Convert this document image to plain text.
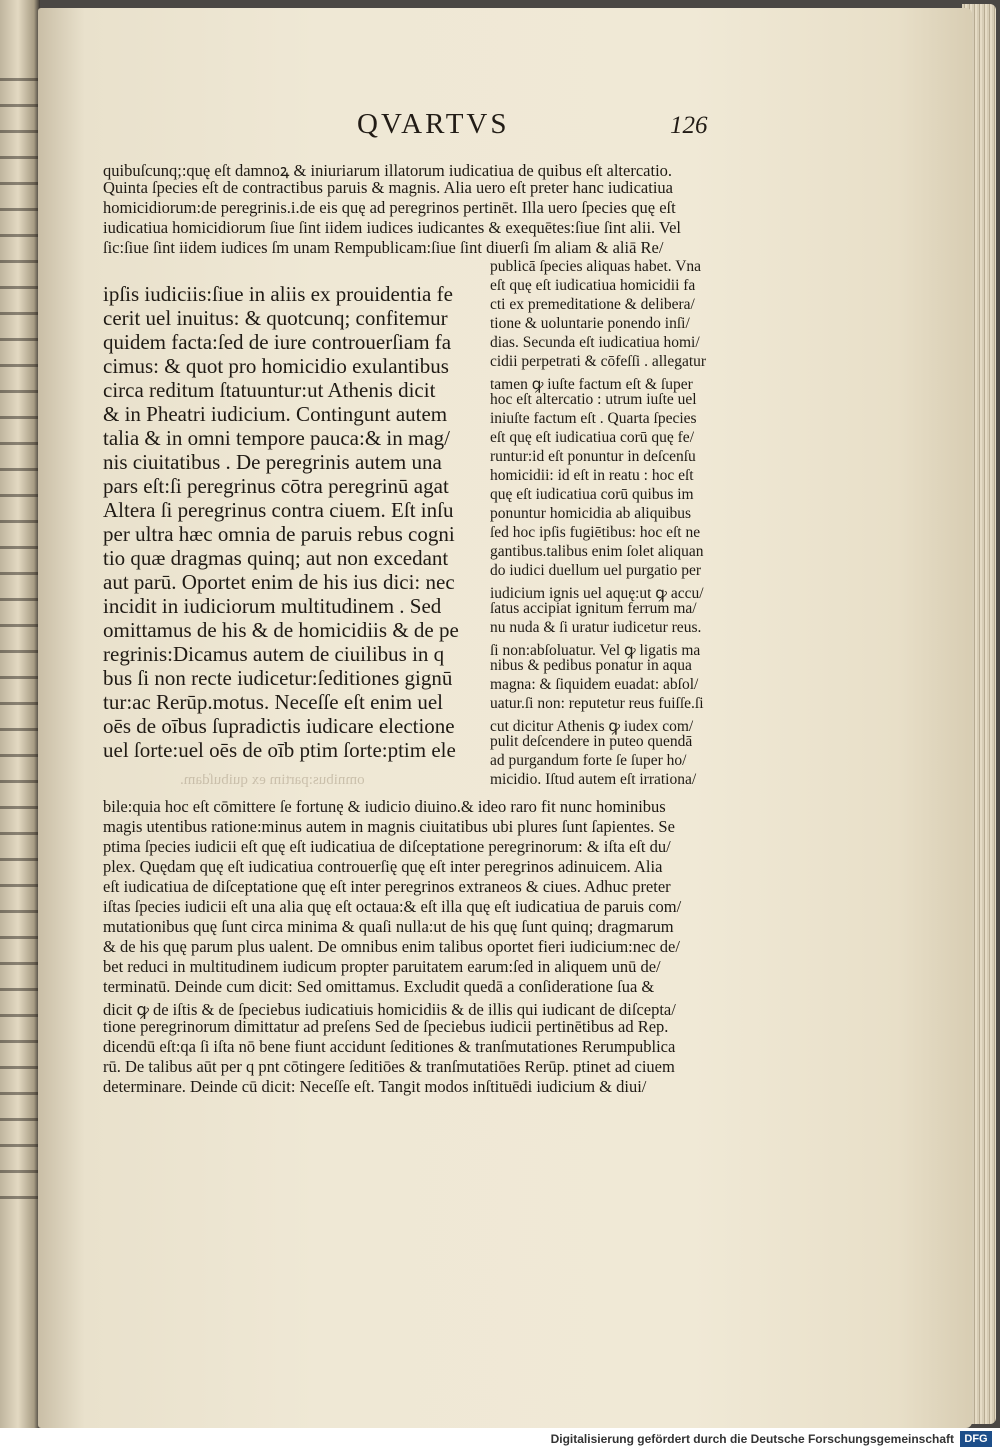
QVARTVS	126
quibuſcunq;:quę eſt damnoꝝ & iniuriarum illatorum iudicatiua de quibus eſt altercatio.
Quinta ſpecies eſt de contractibus paruis & magnis. Alia uero eſt preter hanc iudicatiua
homicidiorum:de peregrinis.i.de eis quę ad peregrinos pertinēt. Illa uero ſpecies quę eſt
iudicatiua homicidiorum ſiue ſint iidem iudices iudicantes & exequētes:ſiue ſint alii. Vel
ſic:ſiue ſint iidem iudices ſm unam Rempublicam:ſiue ſint diuerſi ſm aliam & aliā Re/
ipſis iudiciis:ſiue in aliis ex prouidentia fe
cerit uel inuitus: & quotcunq; confitemur
quidem facta:ſed de iure controuerſiam fa
cimus: & quot pro homicidio exulantibus
circa reditum ſtatuuntur:ut Athenis dicit
& in Pheatri iudicium. Contingunt autem
talia & in omni tempore pauca:& in mag/
nis ciuitatibus . De peregrinis autem una
pars eſt:ſi peregrinus cōtra peregrinū agat
Altera ſi peregrinus contra ciuem. Eſt inſu
per ultra hæc omnia de paruis rebus cogni
tio quæ dragmas quinq; aut non excedant
aut parū. Oportet enim de his ius dici: nec
incidit in iudiciorum multitudinem . Sed
omittamus de his & de homicidiis & de pe
regrinis:Dicamus autem de ciuilibus in q
bus ſi non recte iudicetur:ſeditiones gignū
tur:ac Rerūp.motus. Neceſſe eſt enim uel
oēs de oībus ſupradictis iudicare electione
uel ſorte:uel oēs de oīb ptim ſorte:ptim ele
omnibus:partim ex quibuſdam.
publicā ſpecies aliquas habet. Vna
eſt quę eſt iudicatiua homicidii fa
cti ex premeditatione & delibera/
tione & uoluntarie ponendo inſi/
dias. Secunda eſt iudicatiua homi/
cidii perpetrati & cōfeſſi . allegatur
tamen ꝙ iuſte factum eſt & ſuper
hoc eſt altercatio : utrum iuſte uel
iniuſte factum eſt . Quarta ſpecies
eſt quę eſt iudicatiua corū quę fe/
runtur:id eſt ponuntur in deſcenſu
homicidii: id eſt in reatu : hoc eſt
quę eſt iudicatiua corū quibus im
ponuntur homicidia ab aliquibus
ſed hoc ipſis fugiētibus: hoc eſt ne
gantibus.talibus enim ſolet aliquan
do iudici duellum uel purgatio per
iudicium ignis uel aquę:ut ꝙ accu/
ſatus accipiat ignitum ferrum ma/
nu nuda & ſi uratur iudicetur reus.
ſi non:abſoluatur. Vel ꝙ ligatis ma
nibus & pedibus ponatur in aqua
magna: & ſiquidem euadat: abſol/
uatur.ſi non: reputetur reus fuiſſe.ſi
cut dicitur Athenis ꝙ iudex com/
pulit deſcendere in puteo quendā
ad purgandum forte ſe ſuper ho/
micidio. Iſtud autem eſt irrationa/
bile:quia hoc eſt cōmittere ſe fortunę & iudicio diuino.& ideo raro fit nunc hominibus
magis utentibus ratione:minus autem in magnis ciuitatibus ubi plures ſunt ſapientes. Se
ptima ſpecies iudicii eſt quę eſt iudicatiua de diſceptatione peregrinorum: & iſta eſt du/
plex. Quędam quę eſt iudicatiua controuerſię quę eſt inter peregrinos adinuicem. Alia
eſt iudicatiua de diſceptatione quę eſt inter peregrinos extraneos & ciues. Adhuc preter
iſtas ſpecies iudicii eſt una alia quę eſt octaua:& eſt illa quę eſt iudicatiua de paruis com/
mutationibus quę ſunt circa minima & quaſi nulla:ut de his quę ſunt quinq; dragmarum
& de his quę parum plus ualent. De omnibus enim talibus oportet fieri iudicium:nec de/
bet reduci in multitudinem iudicum propter paruitatem earum:ſed in aliquem unū de/
terminatū. Deinde cum dicit: Sed omittamus. Excludit quedā a conſideratione ſua &
dicit ꝙ de iſtis & de ſpeciebus iudicatiuis homicidiis & de illis qui iudicant de diſcepta/
tione peregrinorum dimittatur ad preſens Sed de ſpeciebus iudicii pertinētibus ad Rep.
dicendū eſt:qa ſi iſta nō bene fiunt accidunt ſeditiones & tranſmutationes Rerumpublica
rū. De talibus aūt per q pnt cōtingere ſeditiōes & tranſmutatiōes Rerūp. ptinet ad ciuem
determinare. Deinde cū dicit: Neceſſe eſt. Tangit modos inſtituēdi iudicium & diui/
Digitalisierung gefördert durch die Deutsche Forschungsgemeinschaft DFG
